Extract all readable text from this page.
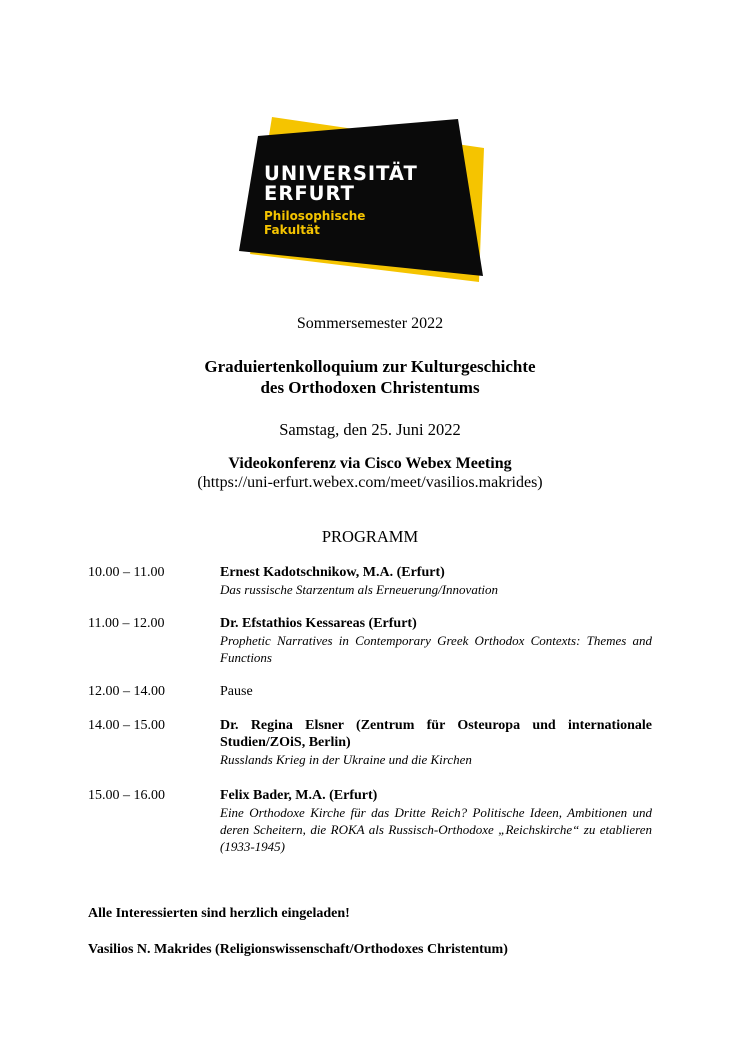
UNIVERSITÄT
ERFURT
Philosophische
Fakultät
Sommersemester 2022
Graduiertenkolloquium zur Kulturgeschichte
des Orthodoxen Christentums
Samstag, den 25. Juni 2022
Videokonferenz via Cisco Webex Meeting
(https://uni-erfurt.webex.com/meet/vasilios.makrides)
PROGRAMM
10.00 – 11.00	Ernest Kadotschnikow, M.A. (Erfurt)
Das russische Starzentum als Erneuerung/Innovation
11.00 – 12.00	Dr. Efstathios Kessareas (Erfurt)
Prophetic Narratives in Contemporary Greek Orthodox Contexts: Themes and Functions
12.00 – 14.00	Pause
14.00 – 15.00	Dr. Regina Elsner (Zentrum für Osteuropa und internationale Studien/ZOiS, Berlin)
Russlands Krieg in der Ukraine und die Kirchen
15.00 – 16.00	Felix Bader, M.A. (Erfurt)
Eine Orthodoxe Kirche für das Dritte Reich? Politische Ideen, Ambitionen und deren Scheitern, die ROKA als Russisch-Orthodoxe „Reichskirche“ zu etablieren (1933-1945)
Alle Interessierten sind herzlich eingeladen!
Vasilios N. Makrides (Religionswissenschaft/Orthodoxes Christentum)
